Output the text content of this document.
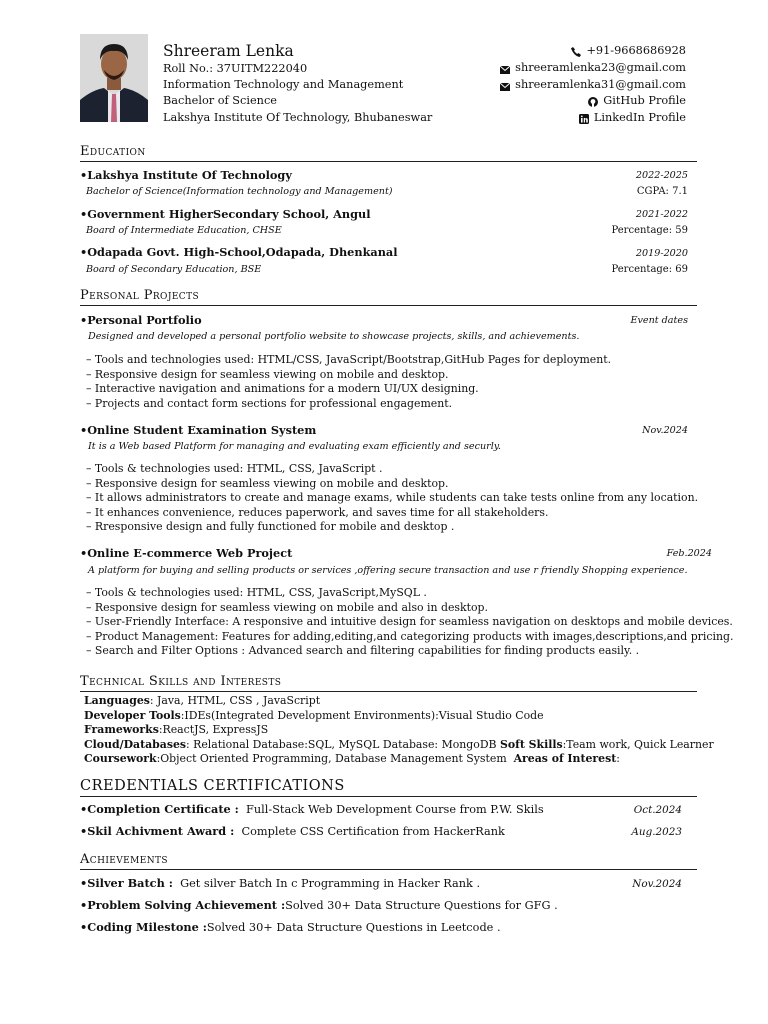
Shreeram Lenka
Roll No.: 37UITM222040
Information Technology and Management
Bachelor of Science
Lakshya Institute Of Technology, Bhubaneswar
+91-9668686928
shreeramlenka23@gmail.com
shreeramlenka31@gmail.com
GitHub Profile
LinkedIn Profile
Education
•Lakshya Institute Of Technology	2022-2025
Bachelor of Science(Information technology and Management)	CGPA: 7.1
•Government HigherSecondary School, Angul	2021-2022
Board of Intermediate Education, CHSE	Percentage: 59
•Odapada Govt. High-School,Odapada, Dhenkanal	2019-2020
Board of Secondary Education, BSE	Percentage: 69
Personal Projects
•Personal Portfolio	Event dates
Designed and developed a personal portfolio website to showcase projects, skills, and achievements.
– Tools and technologies used: HTML/CSS, JavaScript/Bootstrap,GitHub Pages for deployment.
– Responsive design for seamless viewing on mobile and desktop.
– Interactive navigation and animations for a modern UI/UX designing.
– Projects and contact form sections for professional engagement.
•Online Student Examination System	Nov.2024
It is a Web based Platform for managing and evaluating exam efficiently and securly.
– Tools & technologies used: HTML, CSS, JavaScript .
– Responsive design for seamless viewing on mobile and desktop.
– It allows administrators to create and manage exams, while students can take tests online from any location.
– It enhances convenience, reduces paperwork, and saves time for all stakeholders.
– Rresponsive design and fully functioned for mobile and desktop .
•Online E-commerce Web Project	Feb.2024
A platform for buying and selling products or services ,offering secure transaction and use r friendly Shopping experience.
– Tools & technologies used: HTML, CSS, JavaScript,MySQL .
– Responsive design for seamless viewing on mobile and also in desktop.
– User-Friendly Interface: A responsive and intuitive design for seamless navigation on desktops and mobile devices.
– Product Management: Features for adding,editing,and categorizing products with images,descriptions,and pricing.
– Search and Filter Options : Advanced search and filtering capabilities for finding products easily. .
Technical Skills and Interests
Languages: Java, HTML, CSS , JavaScript
Developer Tools:IDEs(Integrated Development Environments):Visual Studio Code
Frameworks:ReactJS, ExpressJS
Cloud/Databases: Relational Database:SQL, MySQL Database: MongoDB Soft Skills:Team work, Quick Learner
Coursework:Object Oriented Programming, Database Management System Areas of Interest:
CREDENTIALS CERTIFICATIONS
•Completion Certificate : Full-Stack Web Development Course from P.W. Skils	Oct.2024
•Skil Achivment Award : Complete CSS Certification from HackerRank	Aug.2023
Achievements
•Silver Batch : Get silver Batch In c Programming in Hacker Rank .	Nov.2024
•Problem Solving Achievement :Solved 30+ Data Structure Questions for GFG .
•Coding Milestone :Solved 30+ Data Structure Questions in Leetcode .
